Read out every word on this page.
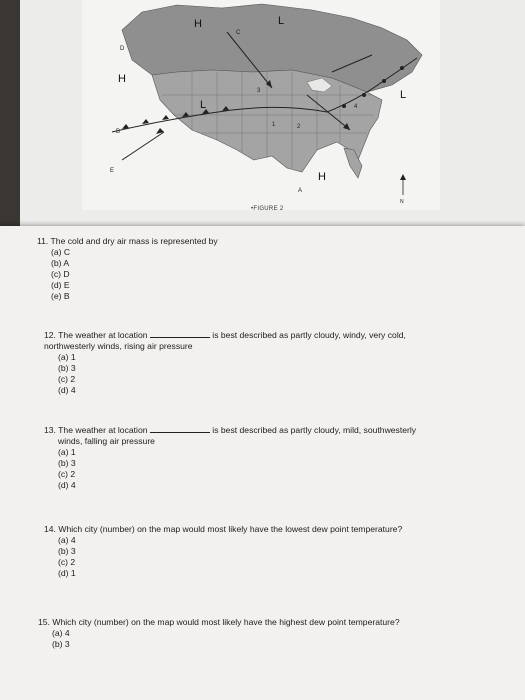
H
H
H
L
L
L
A
B
C
D
E
1	2
3
4
N
•FIGURE 2
11. The cold and dry air mass is represented by
(a) C
(b) A
(c) D
(d) E
(e) B
12. The weather at location	is best described as partly cloudy, windy, very cold,
northwesterly winds, rising air pressure
(a) 1
(b) 3
(c) 2
(d) 4
13. The weather at location	is best described as partly cloudy, mild, southwesterly
winds, falling air pressure
(a) 1
(b) 3
(c) 2
(d) 4
14. Which city (number) on the map would most likely have the lowest dew point temperature?
(a) 4
(b) 3
(c) 2
(d) 1
15. Which city (number) on the map would most likely have the highest dew point temperature?
(a) 4
(b) 3
